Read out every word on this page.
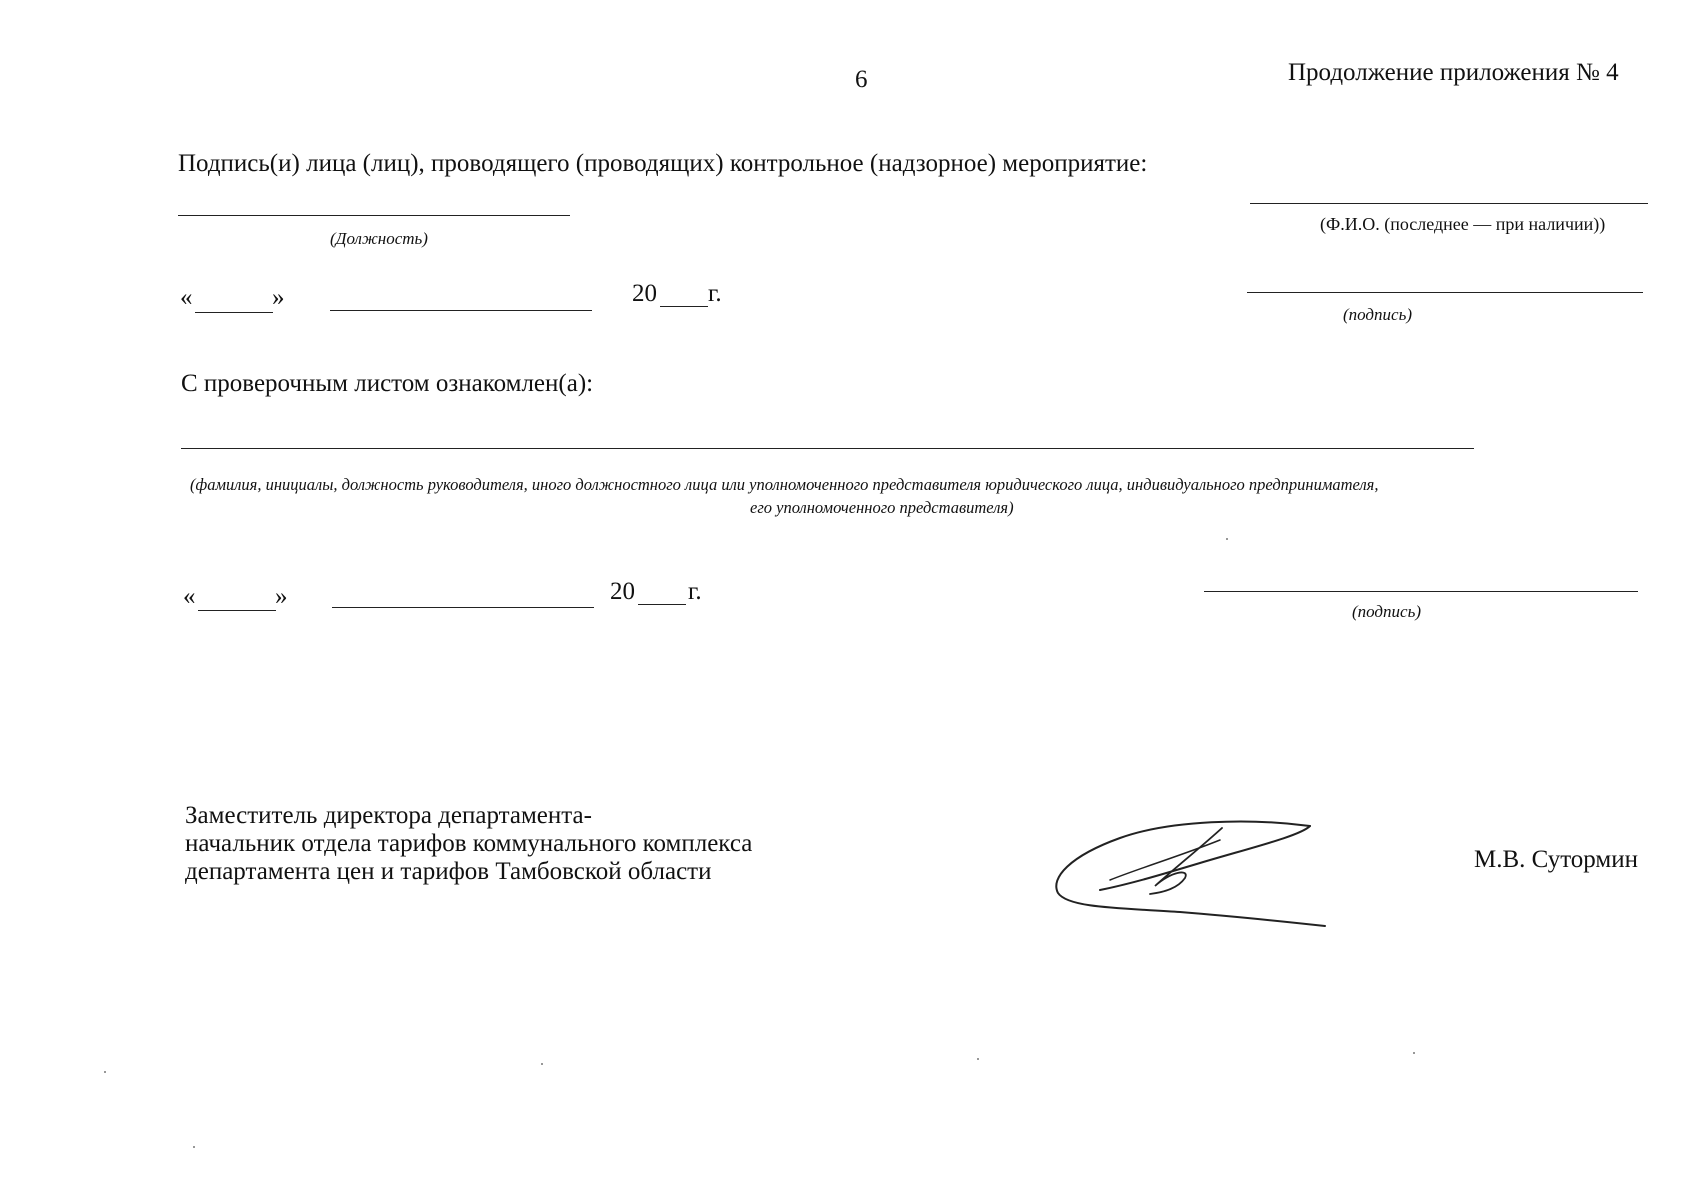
6	Продолжение приложения № 4
Подпись(и) лица (лиц), проводящего (проводящих) контрольное (надзорное) мероприятие:
(Должность)
(Ф.И.О. (последнее — при наличии))
«	»	20 г.
(подпись)
С проверочным листом ознакомлен(а):
(фамилия, инициалы, должность руководителя, иного должностного лица или уполномоченного представителя юридического лица, индивидуального предпринимателя,
его уполномоченного представителя)
«	»	20 г.
(подпись)
Заместитель директора департамента-
начальник отдела тарифов коммунального комплекса
департамента цен и тарифов Тамбовской области	М.В. Сутормин
